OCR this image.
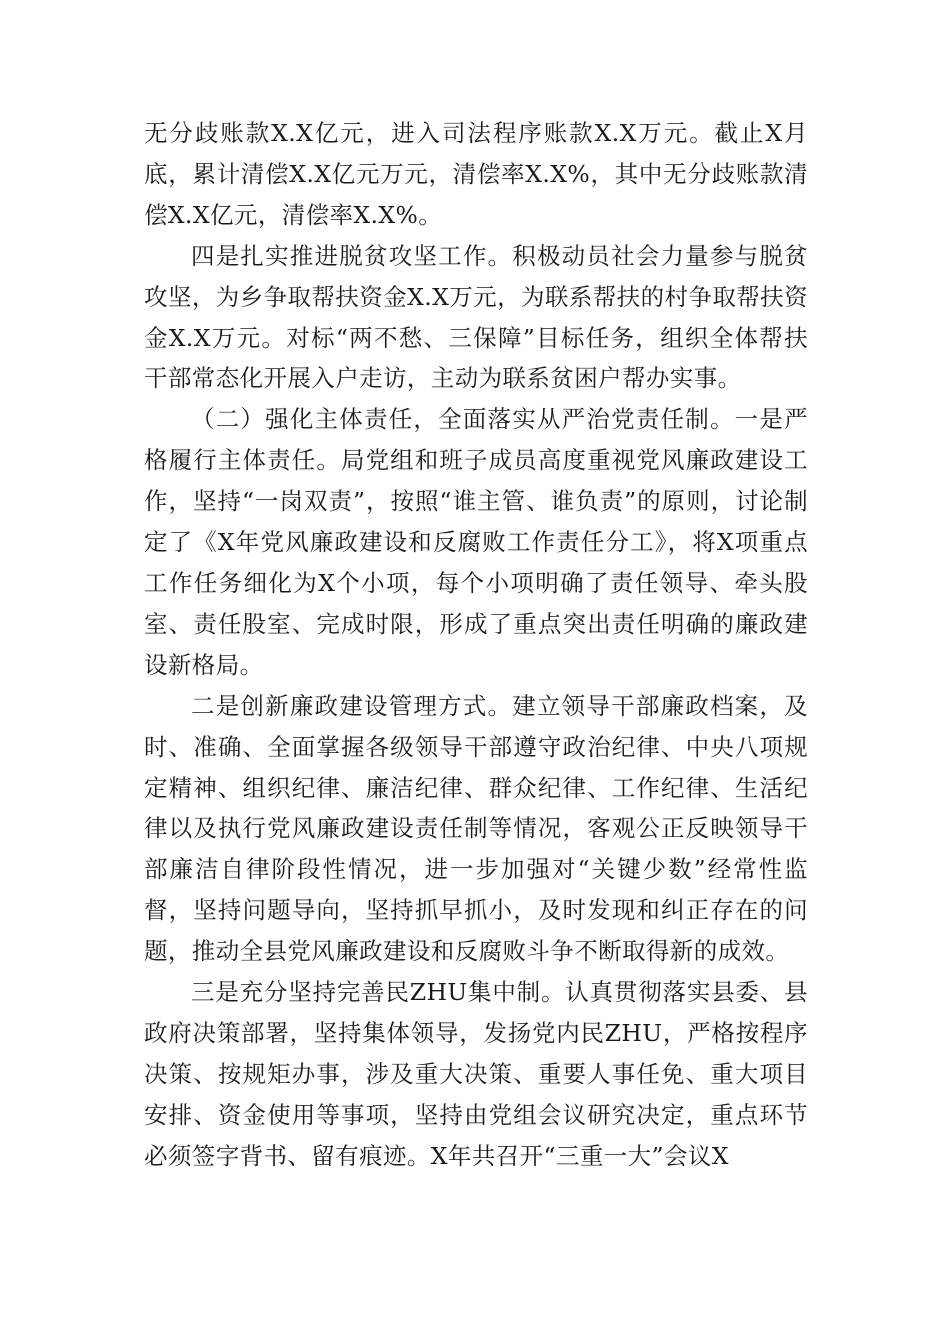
无分歧账款X.X亿元，进入司法程序账款X.X万元。截止X月底，累计清偿X.X亿元万元，清偿率X.X%，其中无分歧账款清偿X.X亿元，清偿率X.X%。

四是扎实推进脱贫攻坚工作。积极动员社会力量参与脱贫攻坚，为乡争取帮扶资金X.X万元，为联系帮扶的村争取帮扶资金X.X万元。对标“两不愁、三保障”目标任务，组织全体帮扶干部常态化开展入户走访，主动为联系贫困户帮办实事。

（二）强化主体责任，全面落实从严治党责任制。一是严格履行主体责任。局党组和班子成员高度重视党风廉政建设工作，坚持“一岗双责”，按照“谁主管、谁负责”的原则，讨论制定了《X年党风廉政建设和反腐败工作责任分工》，将X项重点工作任务细化为X个小项，每个小项明确了责任领导、牵头股室、责任股室、完成时限，形成了重点突出责任明确的廉政建设新格局。

二是创新廉政建设管理方式。建立领导干部廉政档案，及时、准确、全面掌握各级领导干部遵守政治纪律、中央八项规定精神、组织纪律、廉洁纪律、群众纪律、工作纪律、生活纪律以及执行党风廉政建设责任制等情况，客观公正反映领导干部廉洁自律阶段性情况，进一步加强对“关键少数”经常性监督，坚持问题导向，坚持抓早抓小，及时发现和纠正存在的问题，推动全县党风廉政建设和反腐败斗争不断取得新的成效。

三是充分坚持完善民ZHU集中制。认真贯彻落实县委、县政府决策部署，坚持集体领导，发扬党内民ZHU，严格按程序决策、按规矩办事，涉及重大决策、重要人事任免、重大项目安排、资金使用等事项，坚持由党组会议研究决定，重点环节必须签字背书、留有痕迹。X年共召开“三重一大”会议X
